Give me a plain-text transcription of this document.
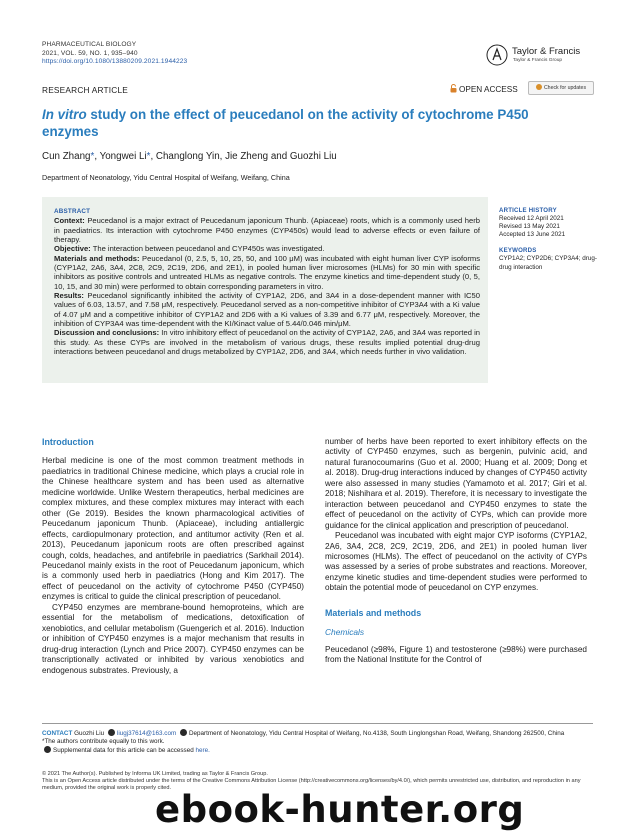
PHARMACEUTICAL BIOLOGY
2021, VOL. 59, NO. 1, 935–940
https://doi.org/10.1080/13880209.2021.1944223
Taylor & Francis
Taylor & Francis Group
RESEARCH ARTICLE	OPEN ACCESS	Check for updates
In vitro study on the effect of peucedanol on the activity of cytochrome P450 enzymes
Cun Zhang*, Yongwei Li*, Changlong Yin, Jie Zheng and Guozhi Liu
Department of Neonatology, Yidu Central Hospital of Weifang, Weifang, China
ABSTRACT

Context: Peucedanol is a major extract of Peucedanum japonicum Thunb. (Apiaceae) roots, which is a commonly used herb in paediatrics. Its interaction with cytochrome P450 enzymes (CYP450s) would lead to adverse effects or even failure of therapy.

Objective: The interaction between peucedanol and CYP450s was investigated.

Materials and methods: Peucedanol (0, 2.5, 5, 10, 25, 50, and 100 μM) was incubated with eight human liver CYP isoforms (CYP1A2, 2A6, 3A4, 2C8, 2C9, 2C19, 2D6, and 2E1), in pooled human liver microsomes (HLMs) for 30 min with specific inhibitors as positive controls and untreated HLMs as negative controls. The enzyme kinetics and time-dependent study (0, 5, 10, 15, and 30 min) were performed to obtain corresponding parameters in vitro.

Results: Peucedanol significantly inhibited the activity of CYP1A2, 2D6, and 3A4 in a dose-dependent manner with IC50 values of 6.03, 13.57, and 7.58 μM, respectively. Peucedanol served as a non-competitive inhibitor of CYP3A4 with a Ki value of 4.07 μM and a competitive inhibitor of CYP1A2 and 2D6 with a Ki values of 3.39 and 6.77 μM, respectively. Moreover, the inhibition of CYP3A4 was time-dependent with the KI/Kinact value of 5.44/0.046 min/μM.

Discussion and conclusions: In vitro inhibitory effect of peucedanol on the activity of CYP1A2, 2A6, and 3A4 was reported in this study. As these CYPs are involved in the metabolism of various drugs, these results implied potential drug-drug interactions between peucedanol and drugs metabolized by CYP1A2, 2D6, and 3A4, which needs further in vivo validation.

ARTICLE HISTORY
Received 12 April 2021
Revised 13 May 2021
Accepted 13 June 2021
KEYWORDS
CYP1A2; CYP2D6; CYP3A4; drug-drug interaction
Introduction

Herbal medicine is one of the most common treatment methods in paediatrics in traditional Chinese medicine, which plays a crucial role in the Chinese healthcare system and has been used as alternative medicine worldwide. Unlike Western therapeutics, herbal medicines are complex mixtures, and these complex mixtures may interact with each other (Ge 2019). Besides the known pharmacological activities of Peucedanum japonicum Thunb. (Apiaceae), including antiallergic effects, cardiopulmonary protection, and antitumor activity (Ren et al. 2013), Peucedanum japonicum roots are often prescribed against cough, colds, headaches, and antifebrile in paediatrics (Sarkhail 2014). Peucedanol mainly exists in the root of Peucedanum japonicum, which is a commonly used herb in paediatrics (Hong and Kim 2017). The effect of peucedanol on the activity of cytochrome P450 (CYP450) enzymes is critical to guide the clinical prescription of peucedanol.

CYP450 enzymes are membrane-bound hemoproteins, which are essential for the metabolism of medications, detoxification of xenobiotics, and cellular metabolism (Guengerich et al. 2016). Induction or inhibition of CYP450 enzymes is a major mechanism that results in drug-drug interaction (Lynch and Price 2007). CYP450 enzymes can be transcriptionally activated or inhibited by various xenobiotics and endogenous substrates. Previously, a

number of herbs have been reported to exert inhibitory effects on the activity of CYP450 enzymes, such as bergenin, pulvinic acid, and natural furanocoumarins (Guo et al. 2000; Huang et al. 2009; Dong et al. 2018). Drug-drug interactions induced by changes of CYP450 activity were also assessed in many studies (Yamamoto et al. 2017; Giri et al. 2018; Nishihara et al. 2019). Therefore, it is necessary to investigate the interaction between peucedanol and CYP450 enzymes to state the effect of peucedanol on the activity of CYPs, which can provide more guidance for the clinical application and prescription of peucedanol.

Peucedanol was incubated with eight major CYP isoforms (CYP1A2, 2A6, 3A4, 2C8, 2C9, 2C19, 2D6, and 2E1) in pooled human liver microsomes (HLMs). The effect of peucedanol on the activity of CYPs was assessed by a series of probe substrates and reactions. Moreover, enzyme kinetic studies and time-dependent studies were performed to obtain the potential mode of peucedanol on CYP enzymes.

Materials and methods
Chemicals

Peucedanol (≥98%, Figure 1) and testosterone (≥98%) were purchased from the National Institute for the Control of

CONTACT Guozhi Liu liugj37614@163.com Department of Neonatology, Yidu Central Hospital of Weifang, No.4138, South Linglongshan Road, Weifang, Shandong 262500, China

*The authors contribute equally to this work.

Supplemental data for this article can be accessed here.

© 2021 The Author(s). Published by Informa UK Limited, trading as Taylor & Francis Group.

This is an Open Access article distributed under the terms of the Creative Commons Attribution License (http://creativecommons.org/licenses/by/4.0/), which permits unrestricted use, distribution, and reproduction in any medium, provided the original work is properly cited.

ebook-hunter.org
